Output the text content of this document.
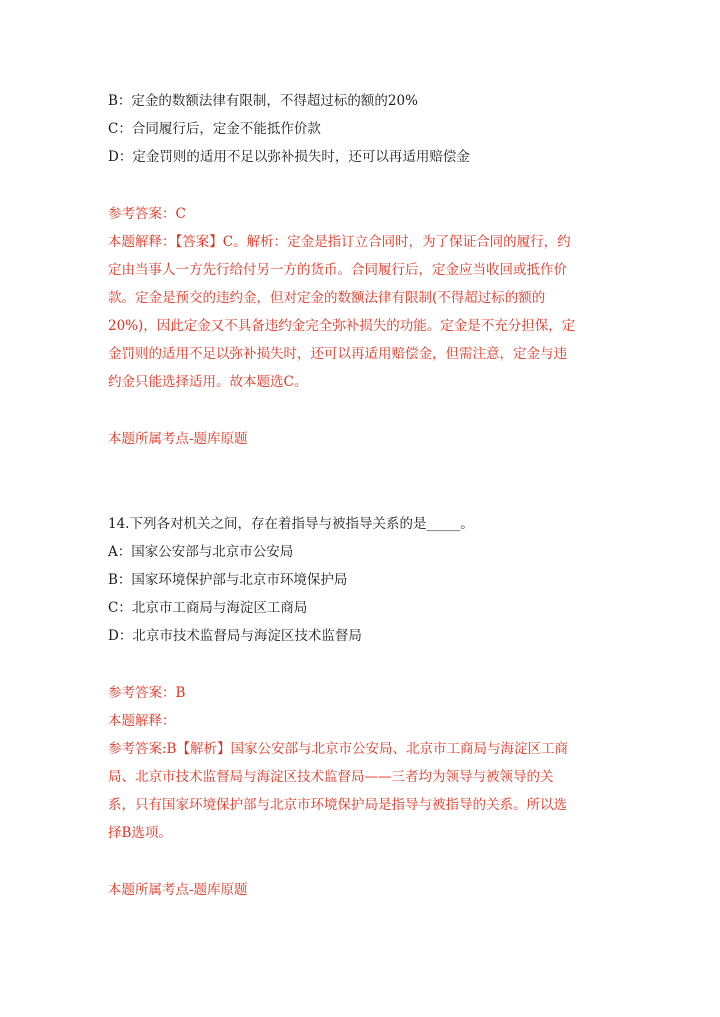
B：定金的数额法律有限制，不得超过标的额的20%
C：合同履行后，定金不能抵作价款
D：定金罚则的适用不足以弥补损失时，还可以再适用赔偿金
参考答案：C
本题解释：【答案】C。解析：定金是指订立合同时，为了保证合同的履行，约
定由当事人一方先行给付另一方的货币。合同履行后，定金应当收回或抵作价
款。定金是预交的违约金，但对定金的数额法律有限制(不得超过标的额的
20%)，因此定金又不具备违约金完全弥补损失的功能。定金是不充分担保，定
金罚则的适用不足以弥补损失时，还可以再适用赔偿金，但需注意，定金与违
约金只能选择适用。故本题选C。
本题所属考点-题库原题
14.下列各对机关之间，存在着指导与被指导关系的是_____。
A：国家公安部与北京市公安局
B：国家环境保护部与北京市环境保护局
C：北京市工商局与海淀区工商局
D：北京市技术监督局与海淀区技术监督局
参考答案：B
本题解释：
参考答案:B【解析】国家公安部与北京市公安局、北京市工商局与海淀区工商
局、北京市技术监督局与海淀区技术监督局——三者均为领导与被领导的关
系，只有国家环境保护部与北京市环境保护局是指导与被指导的关系。所以选
择B选项。
本题所属考点-题库原题
